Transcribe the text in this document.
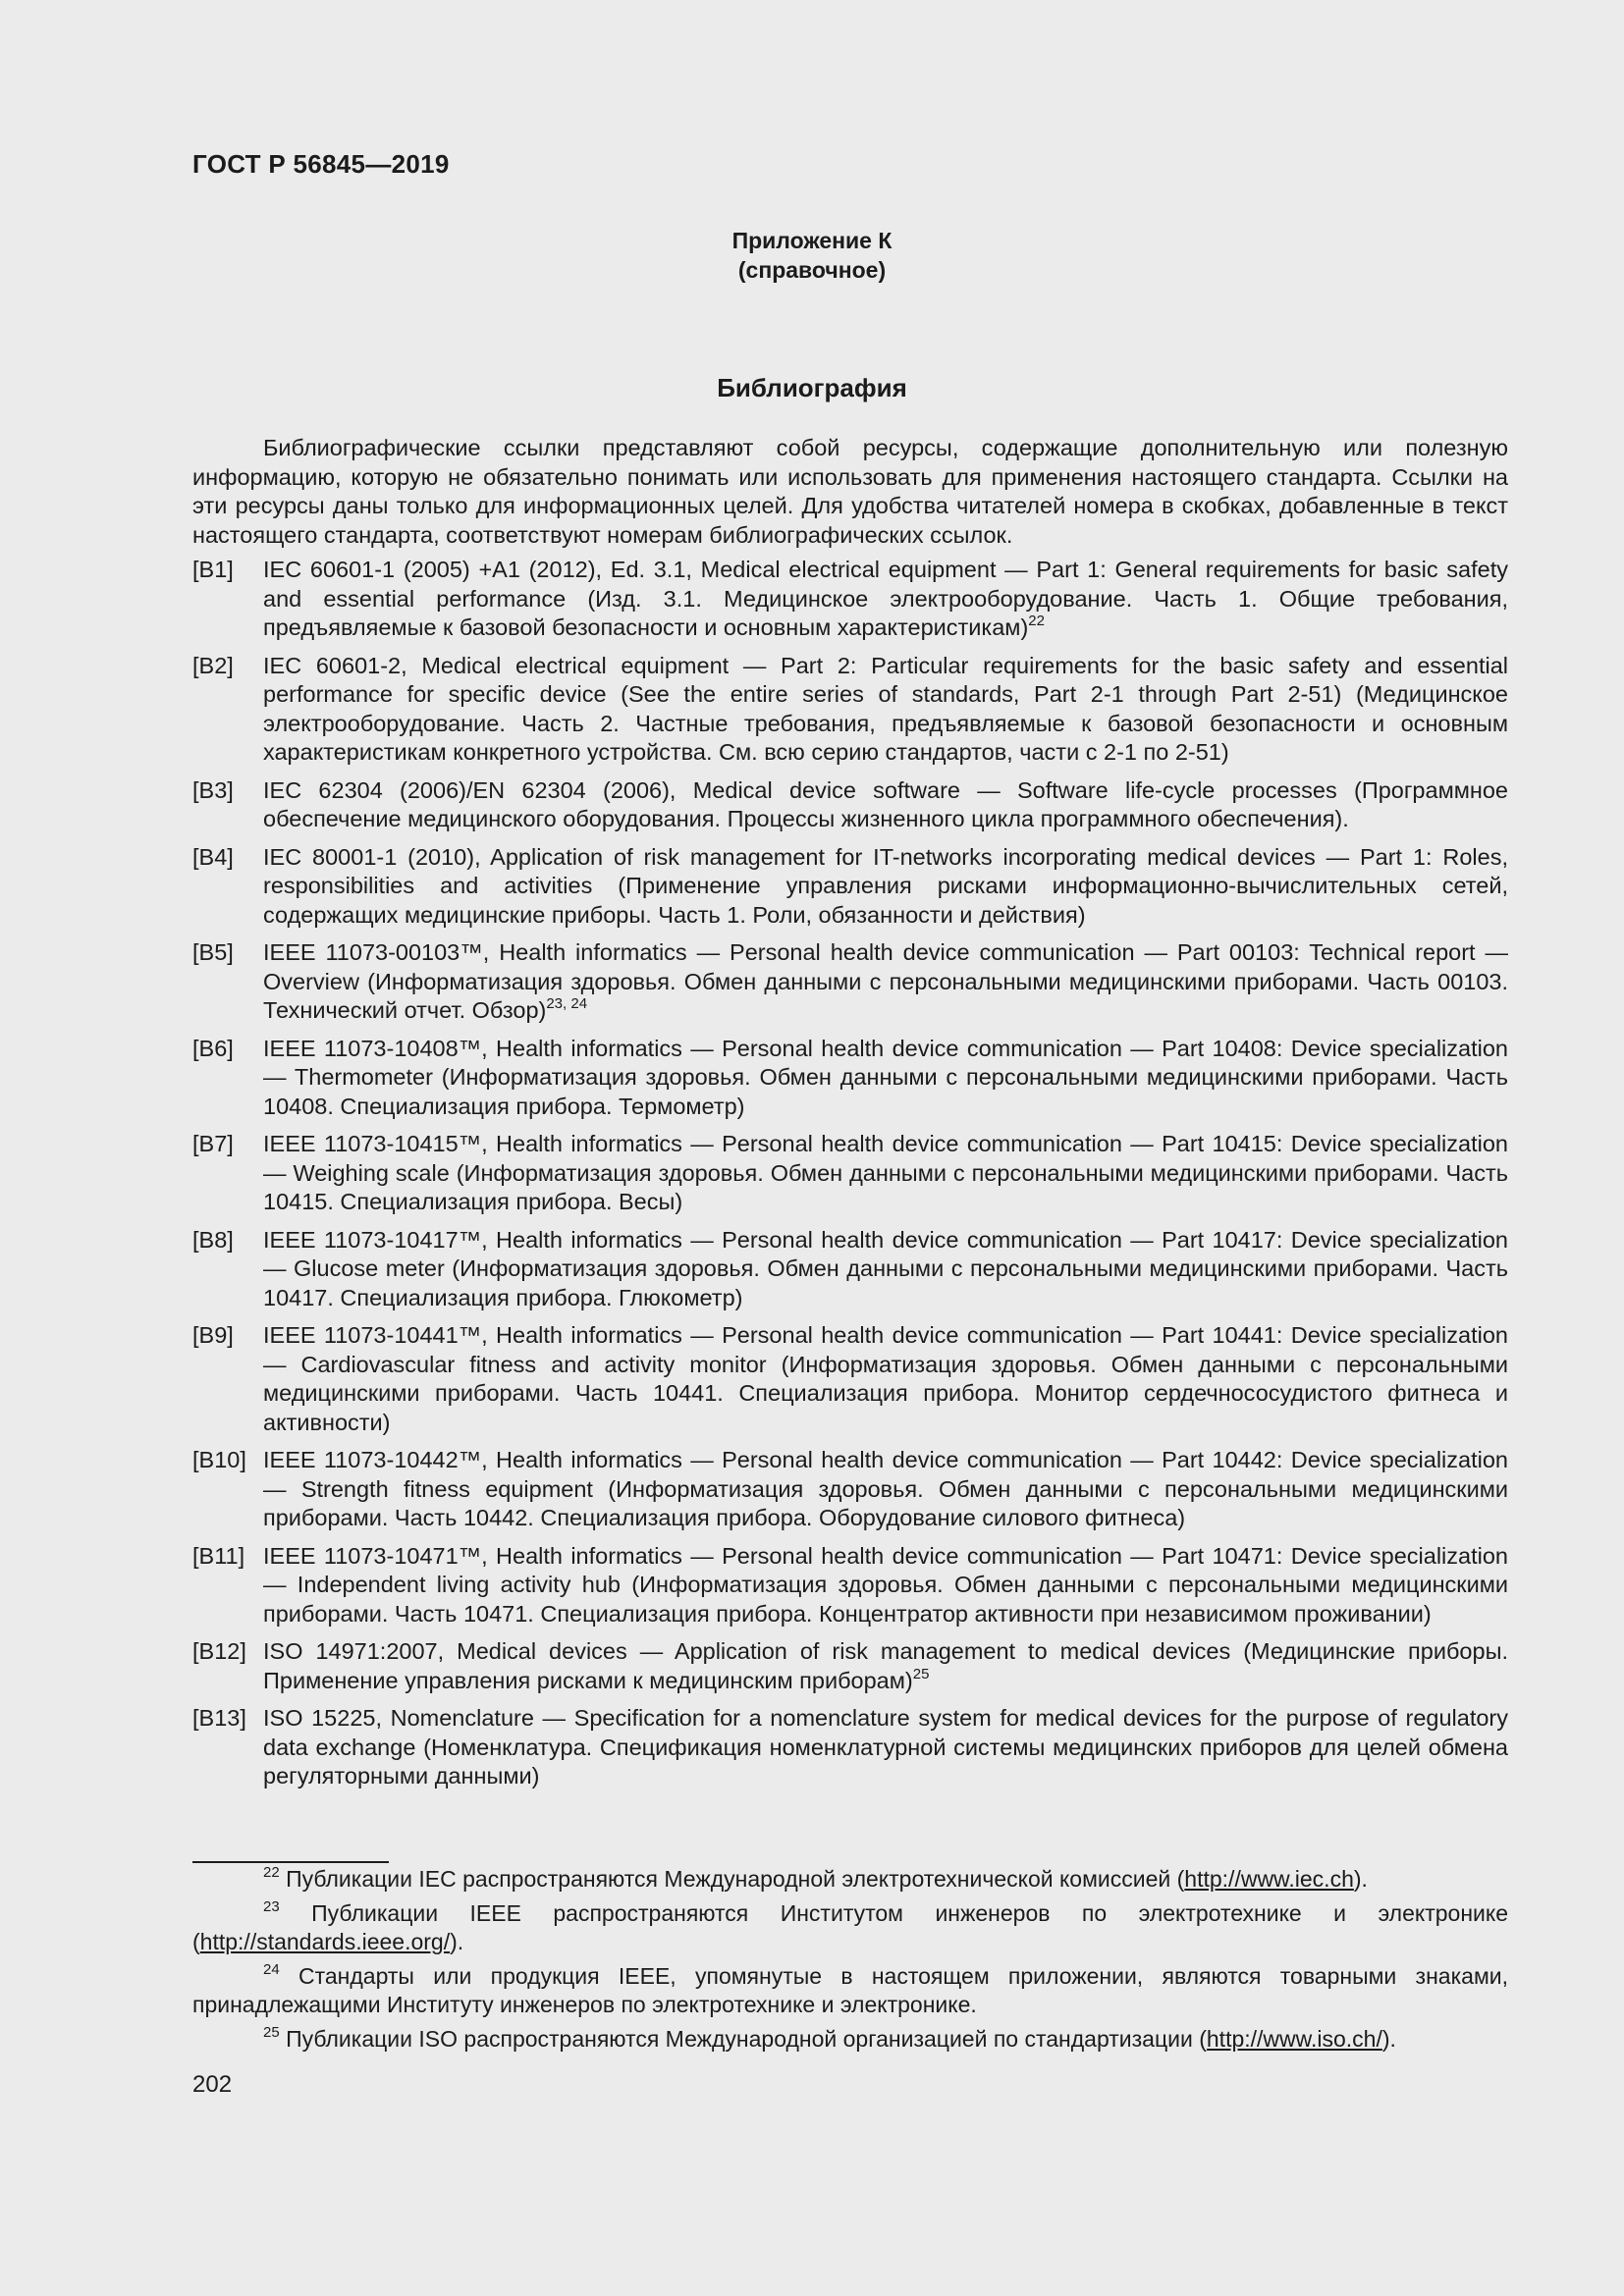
ГОСТ Р 56845—2019
Приложение К
(справочное)
Библиография

Библиографические ссылки представляют собой ресурсы, содержащие дополнительную или полезную информацию, которую не обязательно понимать или использовать для применения настоящего стандарта. Ссылки на эти ресурсы даны только для информационных целей. Для удобства читателей номера в скобках, добавленные в текст настоящего стандарта, соответствуют номерам библиографических ссылок.

[B1]	IEC 60601-1 (2005) +A1 (2012), Ed. 3.1, Medical electrical equipment — Part 1: General requirements for basic safety and essential performance (Изд. 3.1. Медицинское электрооборудование. Часть 1. Общие требования, предъявляемые к базовой безопасности и основным характеристикам)$^{22}$
[B2]	IEC 60601-2, Medical electrical equipment — Part 2: Particular requirements for the basic safety and essential performance for specific device (See the entire series of standards, Part 2-1 through Part 2-51) (Медицинское электрооборудование. Часть 2. Частные требования, предъявляемые к базовой безопасности и основным характеристикам конкретного устройства. См. всю серию стандартов, части с 2-1 по 2-51)
[B3]	IEC 62304 (2006)/EN 62304 (2006), Medical device software — Software life-cycle processes (Программное обеспечение медицинского оборудования. Процессы жизненного цикла программного обеспечения).
[B4]	IEC 80001-1 (2010), Application of risk management for IT-networks incorporating medical devices — Part 1: Roles, responsibilities and activities (Применение управления рисками информационно-вычислительных сетей, содержащих медицинские приборы. Часть 1. Роли, обязанности и действия)
[B5]	IEEE 11073-00103™, Health informatics — Personal health device communication — Part 00103: Technical report — Overview (Информатизация здоровья. Обмен данными с персональными медицинскими приборами. Часть 00103. Технический отчет. Обзор)$^{23, 24}$
[B6]	IEEE 11073-10408™, Health informatics — Personal health device communication — Part 10408: Device specialization — Thermometer (Информатизация здоровья. Обмен данными с персональными медицинскими приборами. Часть 10408. Специализация прибора. Термометр)
[B7]	IEEE 11073-10415™, Health informatics — Personal health device communication — Part 10415: Device specialization — Weighing scale (Информатизация здоровья. Обмен данными с персональными медицинскими приборами. Часть 10415. Специализация прибора. Весы)
[B8]	IEEE 11073-10417™, Health informatics — Personal health device communication — Part 10417: Device specialization — Glucose meter (Информатизация здоровья. Обмен данными с персональными медицинскими приборами. Часть 10417. Специализация прибора. Глюкометр)
[B9]	IEEE 11073-10441™, Health informatics — Personal health device communication — Part 10441: Device specialization — Cardiovascular fitness and activity monitor (Информатизация здоровья. Обмен данными с персональными медицинскими приборами. Часть 10441. Специализация прибора. Монитор сердечнососудистого фитнеса и активности)
[B10] IEEE 11073-10442™, Health informatics — Personal health device communication — Part 10442: Device specialization — Strength fitness equipment (Информатизация здоровья. Обмен данными с персональными медицинскими приборами. Часть 10442. Специализация прибора. Оборудование силового фитнеса)
[B11] IEEE 11073-10471™, Health informatics — Personal health device communication — Part 10471: Device specialization — Independent living activity hub (Информатизация здоровья. Обмен данными с персональными медицинскими приборами. Часть 10471. Специализация прибора. Концентратор активности при независимом проживании)
[B12] ISO 14971:2007, Medical devices — Application of risk management to medical devices (Медицинские приборы. Применение управления рисками к медицинским приборам)$^{25}$
[B13] ISO 15225, Nomenclature — Specification for a nomenclature system for medical devices for the purpose of regulatory data exchange (Номенклатура. Спецификация номенклатурной системы медицинских приборов для целей обмена регуляторными данными)

$^{22}$ Публикации IEC распространяются Международной электротехнической комиссией (http://www.iec.ch).

$^{23}$ Публикации IEEE распространяются Институтом инженеров по электротехнике и электронике (http://standards.ieee.org/).

$^{24}$ Стандарты или продукция IEEE, упомянутые в настоящем приложении, являются товарными знаками, принадлежащими Институту инженеров по электротехнике и электронике.

$^{25}$ Публикации ISO распространяются Международной организацией по стандартизации (http://www.iso.ch/).

202
